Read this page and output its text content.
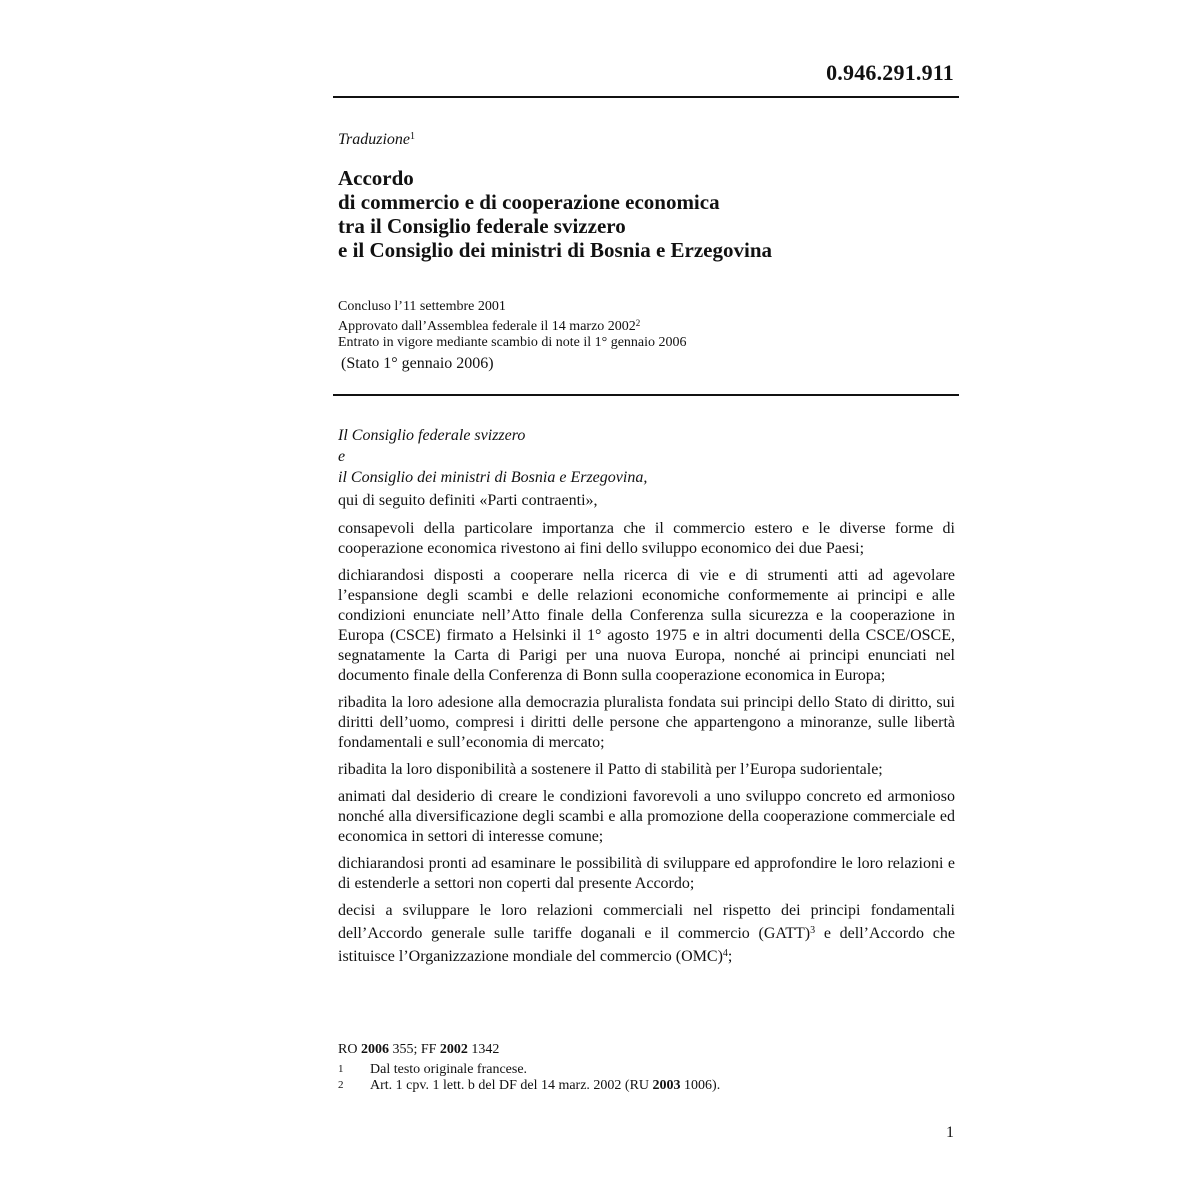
0.946.291.911
Traduzione$^1$
Accordo
di commercio e di cooperazione economica
tra il Consiglio federale svizzero
e il Consiglio dei ministri di Bosnia e Erzegovina
Concluso l’11 settembre 2001
Approvato dall’Assemblea federale il 14 marzo 2002$^2$
Entrato in vigore mediante scambio di note il 1° gennaio 2006
(Stato 1° gennaio 2006)
Il Consiglio federale svizzero
e
il Consiglio dei ministri di Bosnia e Erzegovina,

qui di seguito definiti «Parti contraenti»,

consapevoli della particolare importanza che il commercio estero e le diverse forme di cooperazione economica rivestono ai fini dello sviluppo economico dei due Paesi;

dichiarandosi disposti a cooperare nella ricerca di vie e di strumenti atti ad agevolare l’espansione degli scambi e delle relazioni economiche conformemente ai principi e alle condizioni enunciate nell’Atto finale della Conferenza sulla sicurezza e la cooperazione in Europa (CSCE) firmato a Helsinki il 1° agosto 1975 e in altri documenti della CSCE/OSCE, segnatamente la Carta di Parigi per una nuova Europa, nonché ai principi enunciati nel documento finale della Conferenza di Bonn sulla cooperazione economica in Europa;

ribadita la loro adesione alla democrazia pluralista fondata sui principi dello Stato di diritto, sui diritti dell’uomo, compresi i diritti delle persone che appartengono a minoranze, sulle libertà fondamentali e sull’economia di mercato;

ribadita la loro disponibilità a sostenere il Patto di stabilità per l’Europa sudorientale;

animati dal desiderio di creare le condizioni favorevoli a uno sviluppo concreto ed armonioso nonché alla diversificazione degli scambi e alla promozione della cooperazione commerciale ed economica in settori di interesse comune;

dichiarandosi pronti ad esaminare le possibilità di sviluppare ed approfondire le loro relazioni e di estenderle a settori non coperti dal presente Accordo;

decisi a sviluppare le loro relazioni commerciali nel rispetto dei principi fondamentali dell’Accordo generale sulle tariffe doganali e il commercio (GATT)$^3$ e dell’Accordo che istituisce l’Organizzazione mondiale del commercio (OMC)$^4$;

RO 2006 355; FF 2002 1342
1	Dal testo originale francese.
2	Art. 1 cpv. 1 lett. b del DF del 14 marz. 2002 (RU 2003 1006).
1
